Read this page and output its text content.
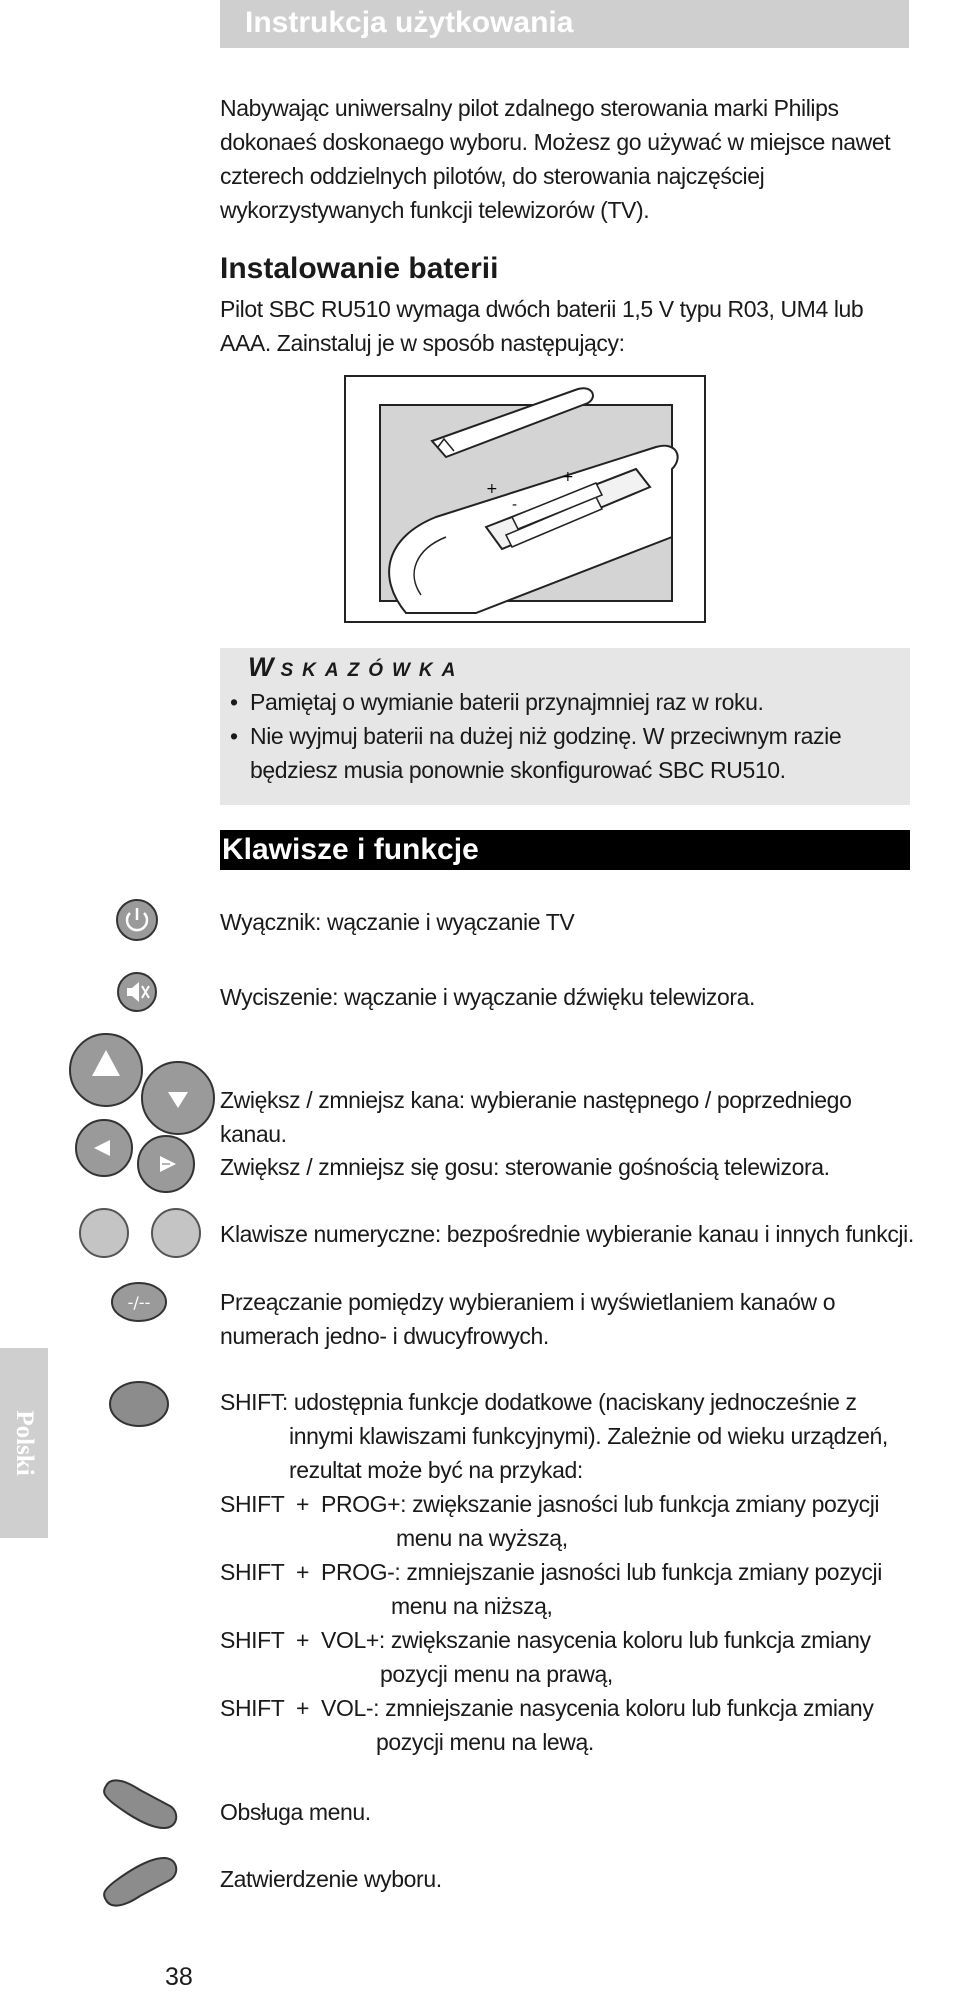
Instrukcja użytkowania
Nabywając uniwersalny pilot zdalnego sterowania marki Philips dokonaeś doskonaego wyboru. Możesz go używać w miejsce nawet czterech oddzielnych pilotów, do sterowania najczęściej wykorzystywanych funkcji telewizorów (TV).
Instalowanie baterii
Pilot SBC RU510 wymaga dwóch baterii 1,5 V typu R03, UM4 lub AAA. Zainstaluj je w sposób następujący:
+
+
-
WSKAZÓWKA
• Pamiętaj o wymianie baterii przynajmniej raz w roku.
• Nie wyjmuj baterii na dużej niż godzinę. W przeciwnym razie będziesz musia ponownie skonfigurować SBC RU510.
Klawisze i funkcje
-/--
Wyącznik: wączanie i wyączanie TV
Wyciszenie: wączanie i wyączanie dźwięku telewizora.
Zwiększ / zmniejsz kana: wybieranie następnego / poprzedniego kanau.
Zwiększ / zmniejsz się gosu: sterowanie gośnością telewizora.
Klawisze numeryczne: bezpośrednie wybieranie kanau i innych funkcji.
Przeączanie pomiędzy wybieraniem i wyświetlaniem kanaów o numerach jedno- i dwucyfrowych.
SHIFT: udostępnia funkcje dodatkowe (naciskany jednocześnie z
innymi klawiszami funkcyjnymi). Zależnie od wieku urządzeń,
rezultat może być na przykad:
SHIFT  +  PROG+: zwiększanie jasności lub funkcja zmiany pozycji
menu na wyższą,
SHIFT  +  PROG-: zmniejszanie jasności lub funkcja zmiany pozycji
menu na niższą,
SHIFT  +  VOL+: zwiększanie nasycenia koloru lub funkcja zmiany
pozycji menu na prawą,
SHIFT  +  VOL-: zmniejszanie nasycenia koloru lub funkcja zmiany
pozycji menu na lewą.
Obsługa menu.
Zatwierdzenie wyboru.
Polski
38
